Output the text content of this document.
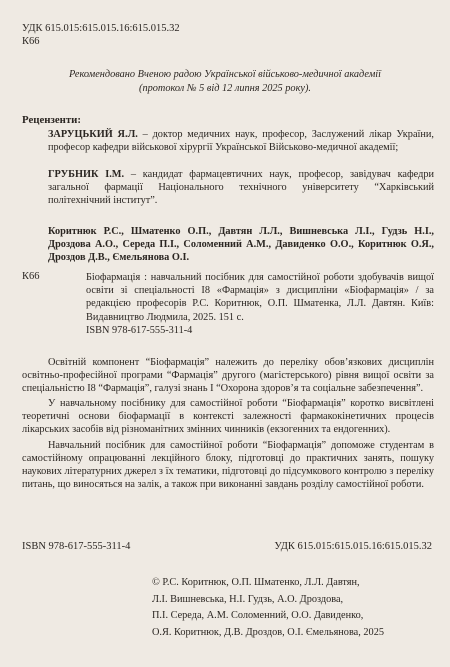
УДК 615.015:615.015.16:615.015.32
К66
Рекомендовано Вченою радою Української військово-медичної академії
(протокол № 5 від 12 липня 2025 року).
Рецензенти:
ЗАРУЦЬКИЙ Я.Л. – доктор медичних наук, професор, Заслужений лікар України, професор кафедри військової хірургії Української Військово-медичної академії;
ГРУБНИК І.М. – кандидат фармацевтичних наук, професор, завідувач кафедри загальної фармації Національного технічного університету “Харківський політехнічний інститут”.
Коритнюк Р.С., Шматенко О.П., Давтян Л.Л., Вишневська Л.І., Гудзь Н.І., Дроздова А.О., Середа П.І., Соломенний А.М., Давиденко О.О., Коритнюк О.Я., Дроздов Д.В., Ємельянова О.І.
К66	Біофармація : навчальний посібник для самостійної роботи здобувачів вищої освіти зі спеціальності I8 «Фармація» з дисципліни «Біофармація» / за редакцією професорів Р.С. Коритнюк, О.П. Шматенка, Л.Л. Давтян. Київ: Видавництво Людмила, 2025. 151 с.
ISBN 978-617-555-311-4

Освітній компонент “Біофармація” належить до переліку обов’язкових дисциплін освітньо-професійної програми “Фармація” другого (магістерського) рівня вищої освіти за спеціальністю I8 “Фармація”, галузі знань I “Охорона здоров’я та соціальне забезпечення”.

У навчальному посібнику для самостійної роботи “Біофармація” коротко висвітлені теоретичні основи біофармації в контексті залежності фармакокінетичних процесів лікарських засобів від різноманітних змінних чинників (екзогенних та ендогенних).

Навчальний посібник для самостійної роботи “Біофармація” допоможе студентам в самостійному опрацюванні лекційного блоку, підготовці до практичних занять, пошуку наукових літературних джерел з їх тематики, підготовці до підсумкового контролю з переліку питань, що виносяться на залік, а також при виконанні завдань розділу самостійної роботи.

ISBN 978-617-555-311-4	УДК 615.015:615.015.16:615.015.32
© Р.С. Коритнюк, О.П. Шматенко, Л.Л. Давтян,
Л.І. Вишневська, Н.І. Гудзь, А.О. Дроздова,
П.І. Середа, А.М. Соломенний, О.О. Давиденко,
О.Я. Коритнюк, Д.В. Дроздов, О.І. Ємельянова, 2025
